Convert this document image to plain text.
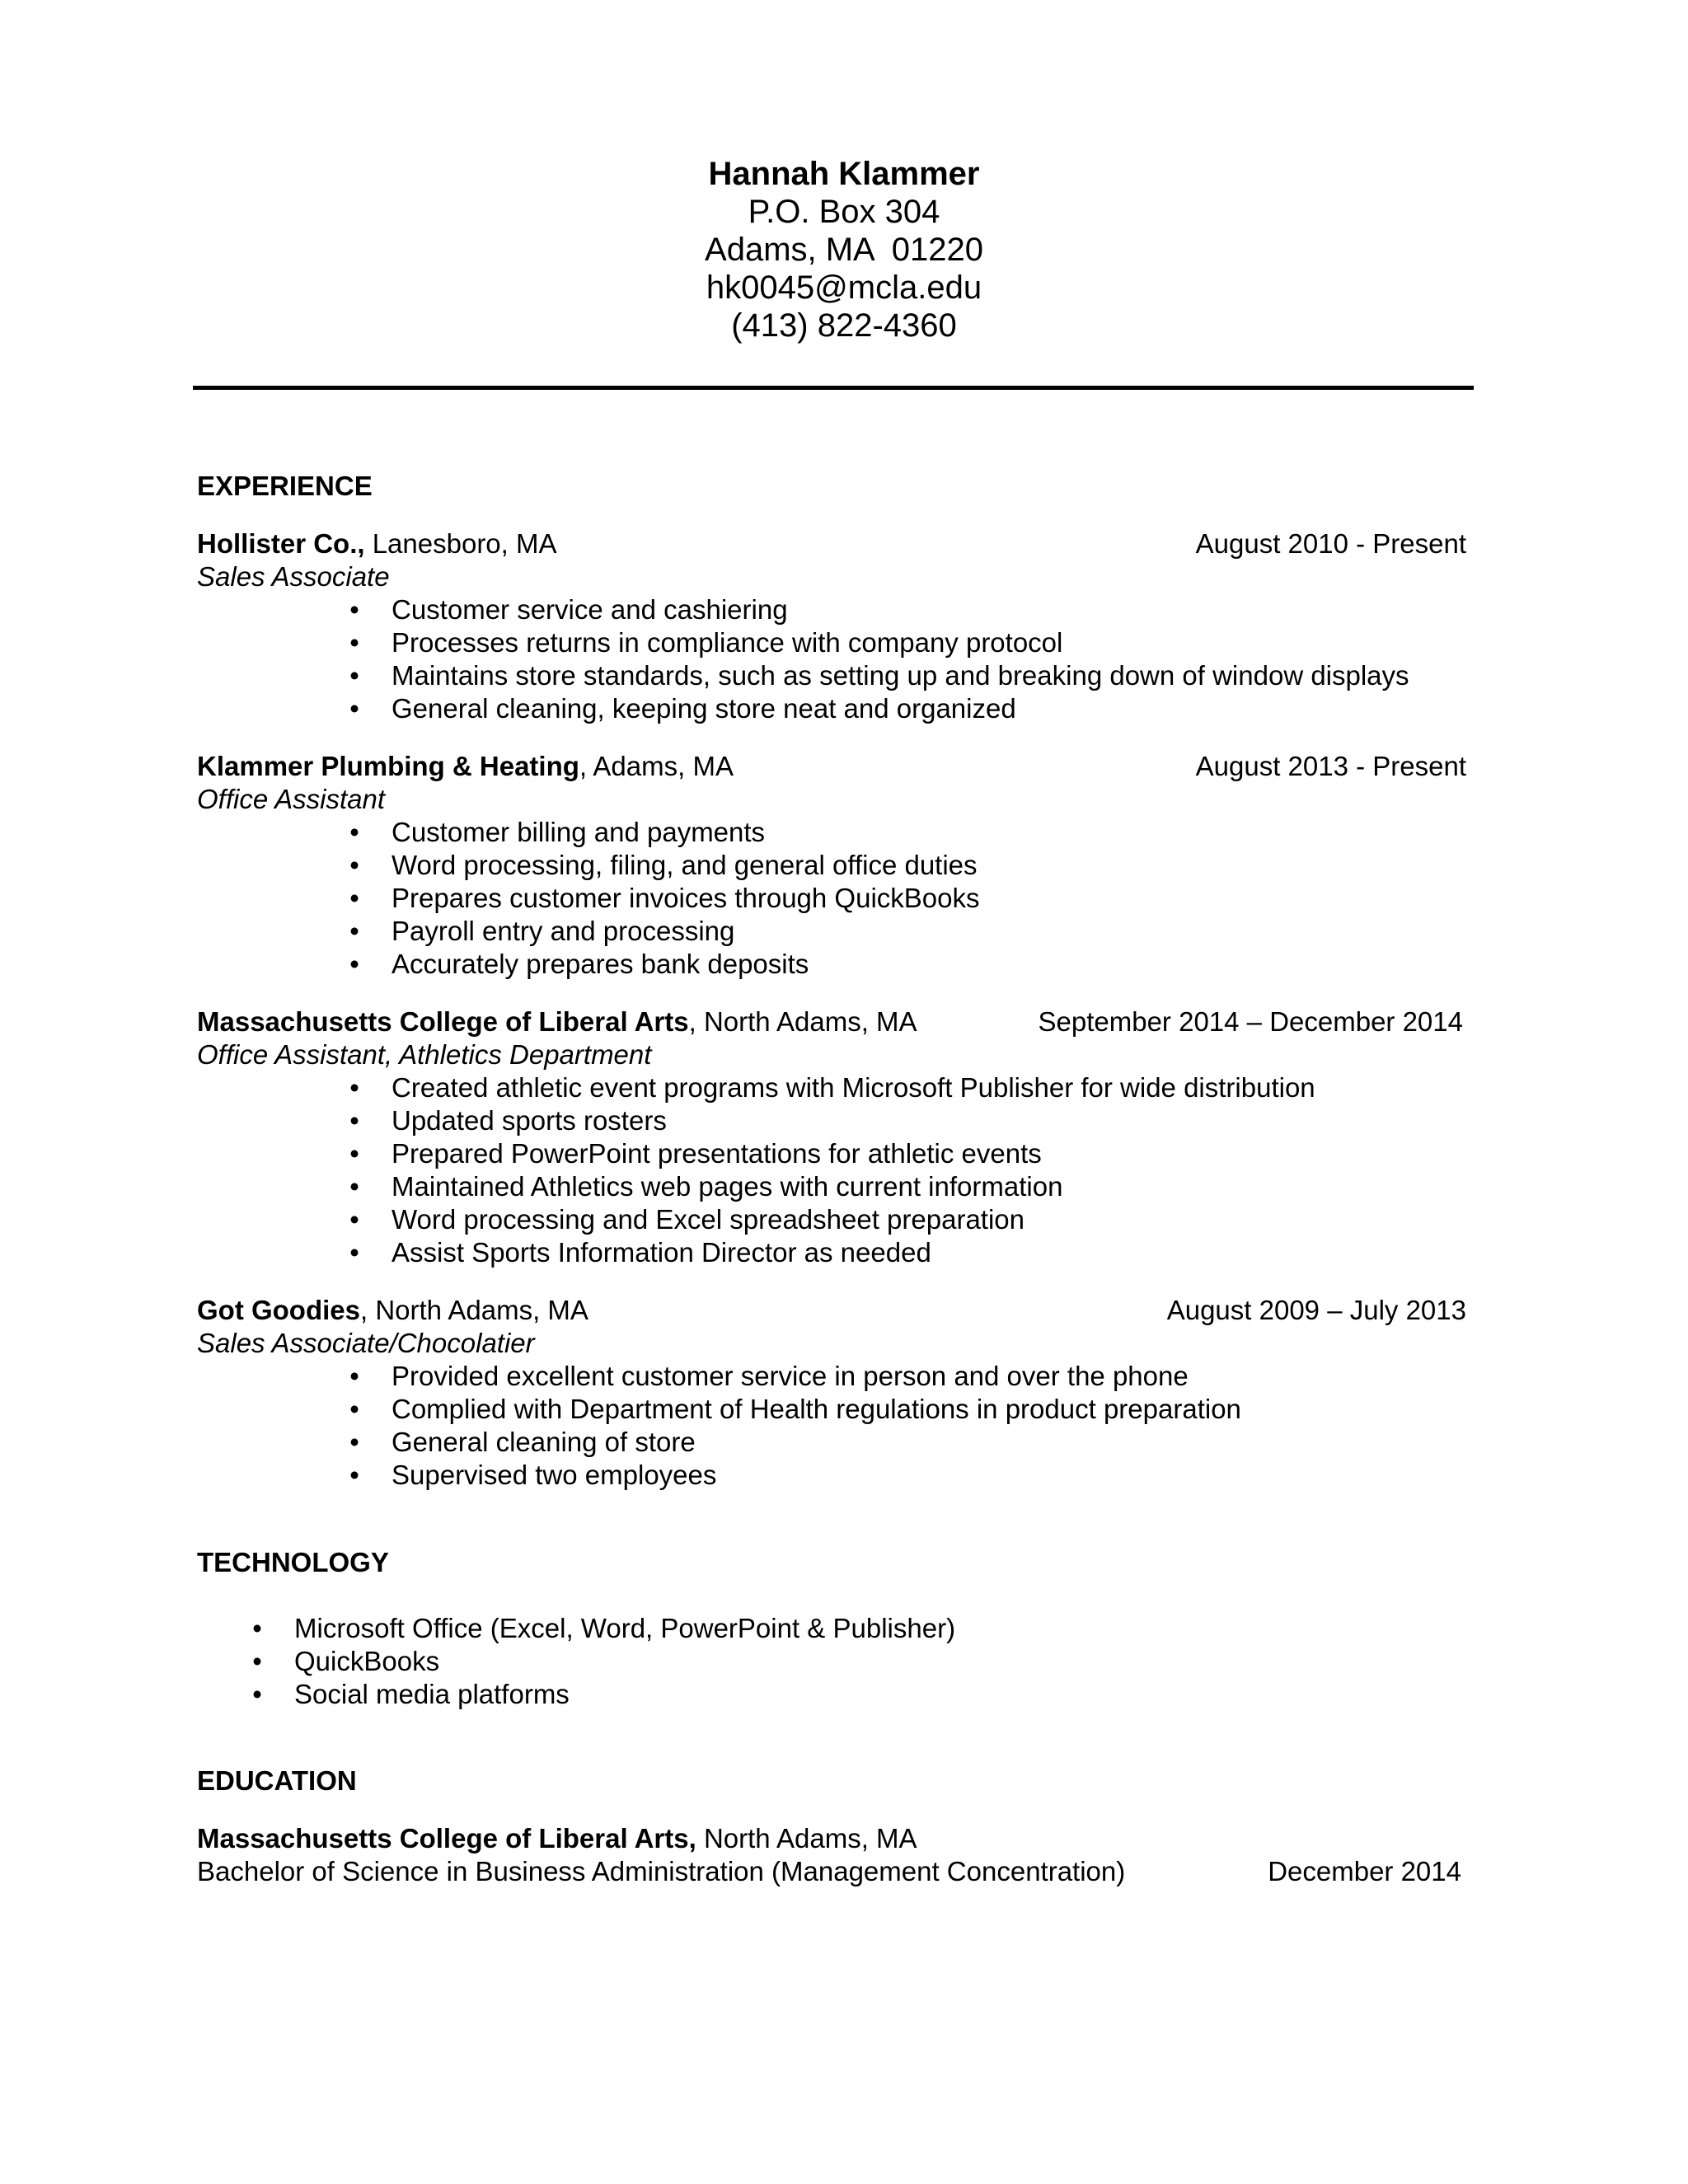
Hannah Klammer
P.O. Box 304
Adams, MA  01220
hk0045@mcla.edu
(413) 822-4360
EXPERIENCE
Hollister Co., Lanesboro, MA	August 2010 - Present
Sales Associate
• Customer service and cashiering
• Processes returns in compliance with company protocol
• Maintains store standards, such as setting up and breaking down of window displays
• General cleaning, keeping store neat and organized
Klammer Plumbing & Heating, Adams, MA	August 2013 - Present
Office Assistant
• Customer billing and payments
• Word processing, filing, and general office duties
• Prepares customer invoices through QuickBooks
• Payroll entry and processing
• Accurately prepares bank deposits
Massachusetts College of Liberal Arts, North Adams, MA	September 2014 – December 2014
Office Assistant, Athletics Department
• Created athletic event programs with Microsoft Publisher for wide distribution
• Updated sports rosters
• Prepared PowerPoint presentations for athletic events
• Maintained Athletics web pages with current information
• Word processing and Excel spreadsheet preparation
• Assist Sports Information Director as needed
Got Goodies, North Adams, MA	August 2009 – July 2013
Sales Associate/Chocolatier
• Provided excellent customer service in person and over the phone
• Complied with Department of Health regulations in product preparation
• General cleaning of store
• Supervised two employees
TECHNOLOGY
• Microsoft Office (Excel, Word, PowerPoint & Publisher)
• QuickBooks
• Social media platforms
EDUCATION
Massachusetts College of Liberal Arts, North Adams, MA
Bachelor of Science in Business Administration (Management Concentration)	December 2014
